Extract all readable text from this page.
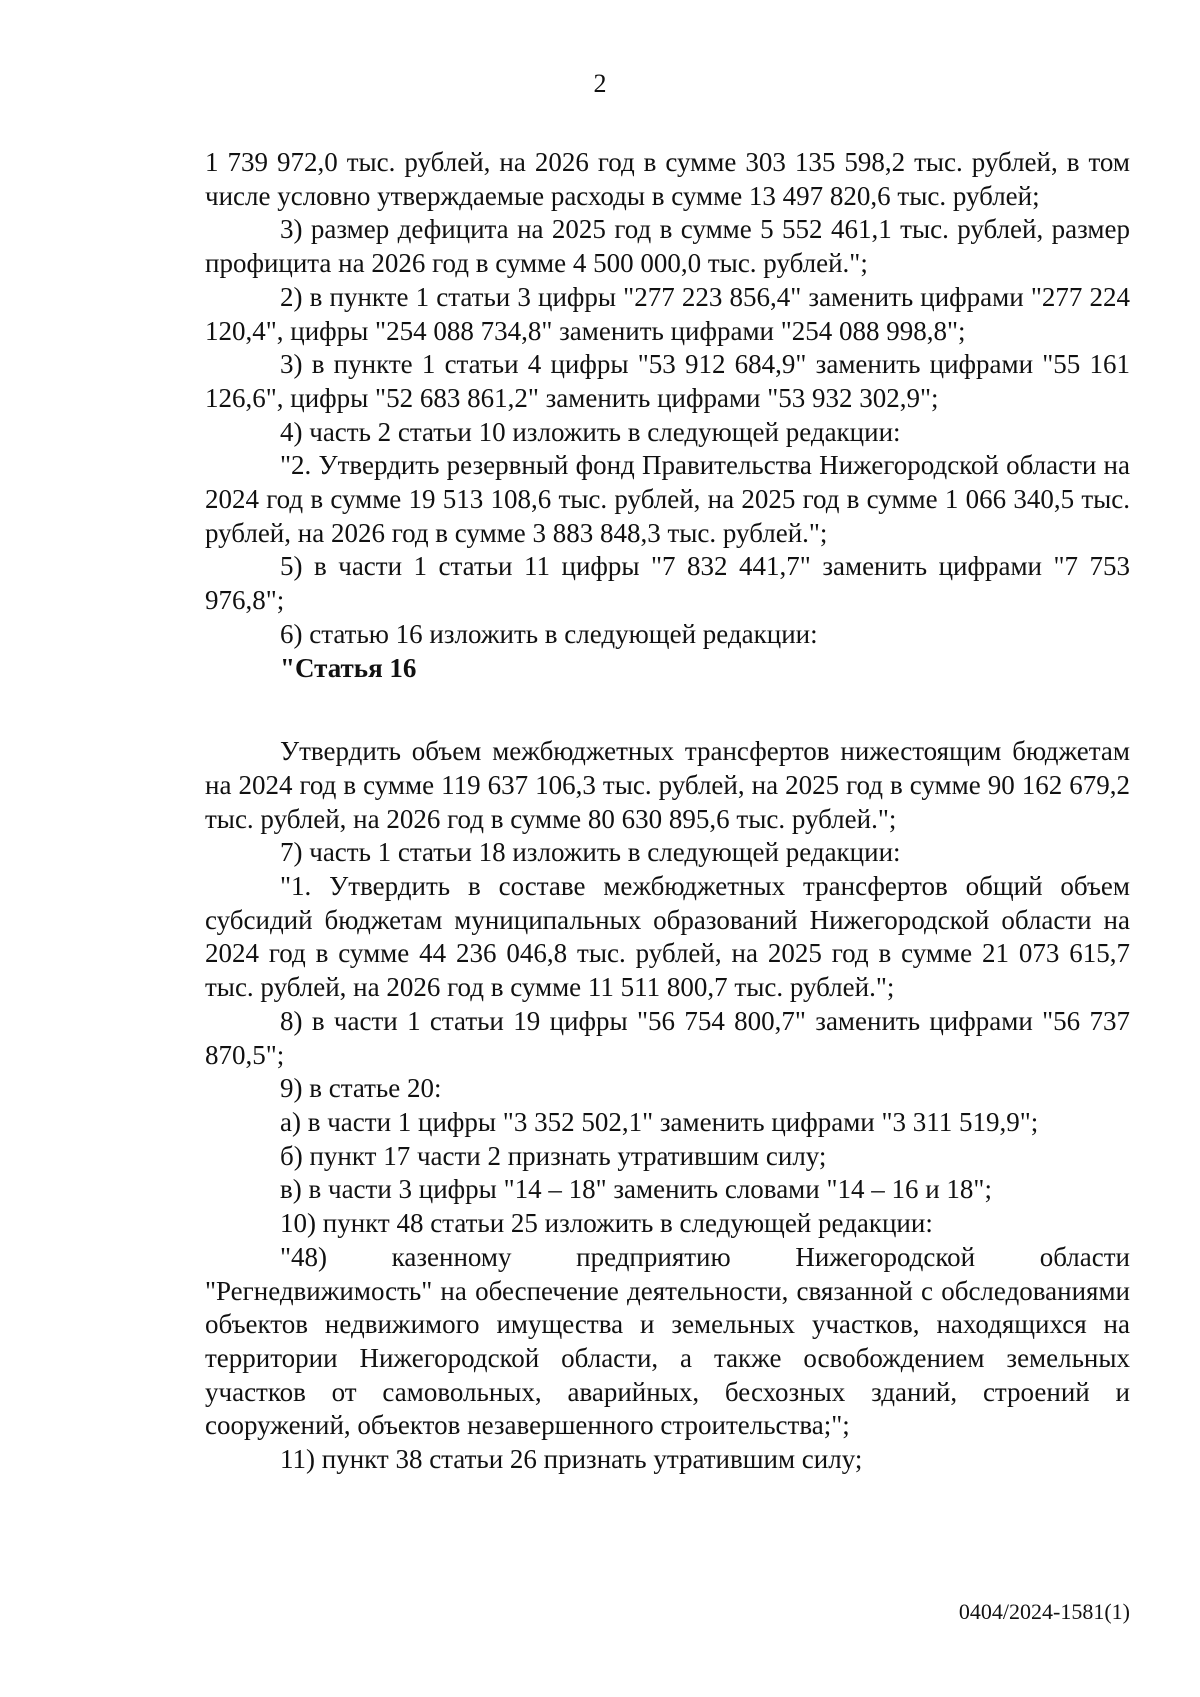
2

1 739 972,0 тыс. рублей, на 2026 год в сумме 303 135 598,2 тыс. рублей, в том числе условно утверждаемые расходы в сумме 13 497 820,6 тыс. рублей;

3) размер дефицита на 2025 год в сумме 5 552 461,1 тыс. рублей, размер профицита на 2026 год в сумме 4 500 000,0 тыс. рублей.";

2) в пункте 1 статьи 3 цифры "277 223 856,4" заменить цифрами "277 224 120,4", цифры "254 088 734,8" заменить цифрами "254 088 998,8";

3) в пункте 1 статьи 4 цифры "53 912 684,9" заменить цифрами "55 161 126,6", цифры "52 683 861,2" заменить цифрами "53 932 302,9";

4) часть 2 статьи 10 изложить в следующей редакции:

"2. Утвердить резервный фонд Правительства Нижегородской области на 2024 год в сумме 19 513 108,6 тыс. рублей, на 2025 год в сумме 1 066 340,5 тыс. рублей, на 2026 год в сумме 3 883 848,3 тыс. рублей.";

5) в части 1 статьи 11 цифры "7 832 441,7" заменить цифрами "7 753 976,8";

6) статью 16 изложить в следующей редакции:

"Статья 16

Утвердить объем межбюджетных трансфертов нижестоящим бюджетам на 2024 год в сумме 119 637 106,3 тыс. рублей, на 2025 год в сумме 90 162 679,2 тыс. рублей, на 2026 год в сумме 80 630 895,6 тыс. рублей.";

7) часть 1 статьи 18 изложить в следующей редакции:

"1. Утвердить в составе межбюджетных трансфертов общий объем субсидий бюджетам муниципальных образований Нижегородской области на 2024 год в сумме 44 236 046,8 тыс. рублей, на 2025 год в сумме 21 073 615,7 тыс. рублей, на 2026 год в сумме 11 511 800,7 тыс. рублей.";

8) в части 1 статьи 19 цифры "56 754 800,7" заменить цифрами "56 737 870,5";

9) в статье 20:

а) в части 1 цифры "3 352 502,1" заменить цифрами "3 311 519,9";

б) пункт 17 части 2 признать утратившим силу;

в) в части 3 цифры "14 – 18" заменить словами "14 – 16 и 18";

10) пункт 48 статьи 25 изложить в следующей редакции:

"48) казенному предприятию Нижегородской области "Регнедвижимость" на обеспечение деятельности, связанной с обследованиями объектов недвижимого имущества и земельных участков, находящихся на территории Нижегородской области, а также освобождением земельных участков от самовольных, аварийных, бесхозных зданий, строений и сооружений, объектов незавершенного строительства;";

11) пункт 38 статьи 26 признать утратившим силу;

0404/2024-1581(1)
